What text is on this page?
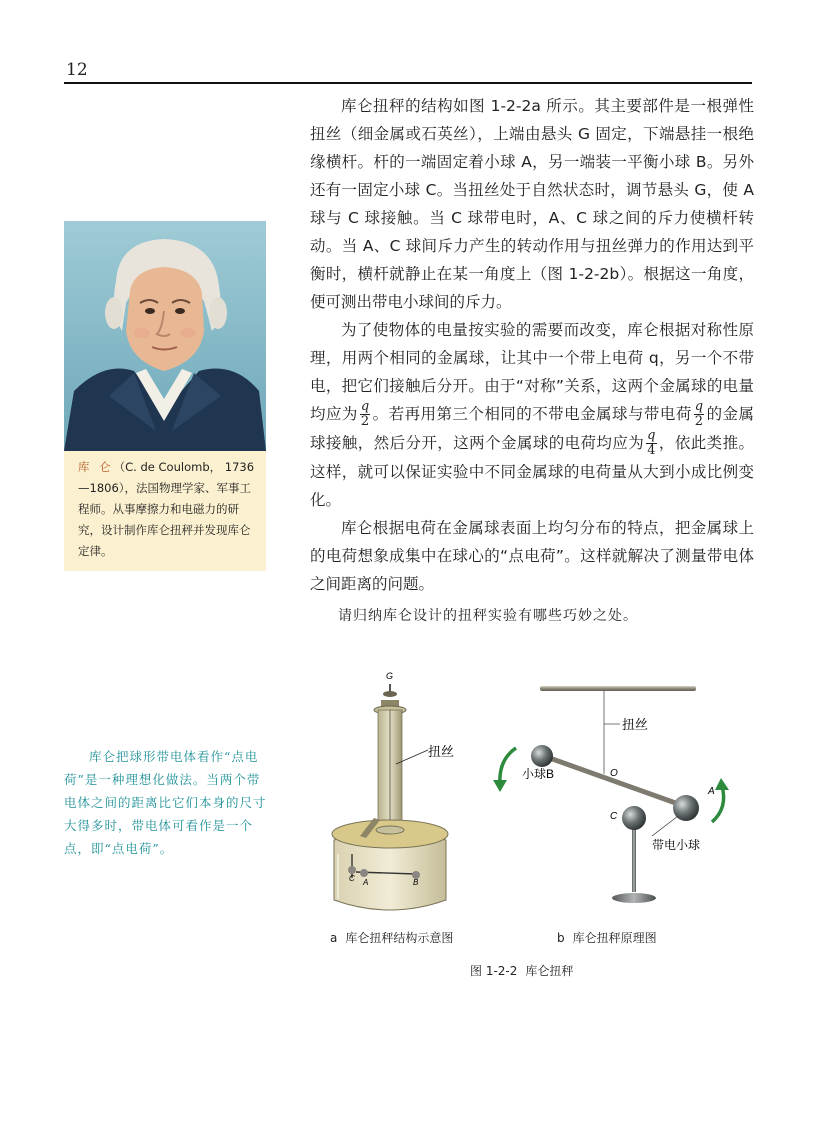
12

库仑扭秤的结构如图 1-2-2a 所示。其主要部件是一根弹性扭丝（细金属或石英丝），上端由悬头 G 固定，下端悬挂一根绝缘横杆。杆的一端固定着小球 A，另一端装一平衡小球 B。另外还有一固定小球 C。当扭丝处于自然状态时，调节悬头 G，使 A 球与 C 球接触。当 C 球带电时，A、C 球之间的斥力使横杆转动。当 A、C 球间斥力产生的转动作用与扭丝弹力的作用达到平衡时，横杆就静止在某一角度上（图 1-2-2b）。根据这一角度，便可测出带电小球间的斥力。

为了使物体的电量按实验的需要而改变，库仑根据对称性原理，用两个相同的金属球，让其中一个带上电荷 q，另一个不带电，把它们接触后分开。由于“对称”关系，这两个金属球的电量均应为 $\frac{q}{2}$ 。若再用第三个相同的不带电金属球与带电荷 $\frac{q}{2}$ 的金属球接触，然后分开，这两个金属球的电荷均应为 $\frac{q}{4}$ ，依此类推。这样，就可以保证实验中不同金属球的电荷量从大到小成比例变化。

库仑根据电荷在金属球表面上均匀分布的特点，把金属球上的电荷想象成集中在球心的“点电荷”。这样就解决了测量带电体之间距离的问题。

请归纳库仑设计的扭秤实验有哪些巧妙之处。

库 仑（C. de Coulomb， 1736—1806），法国物理学家、军事工程师。从事摩擦力和电磁力的研究，设计制作库仑扭秤并发现库仑定律。
库仑把球形带电体看作“点电荷”是一种理想化做法。当两个带电体之间的距离比它们本身的尺寸大得多时，带电体可看作是一个点，即“点电荷”。
G
扭丝
C A	B
扭丝
O
小球B
A
C
带电小球
a 库仑扭秤结构示意图	b 库仑扭秤原理图
图 1-2-2 库仑扭秤
